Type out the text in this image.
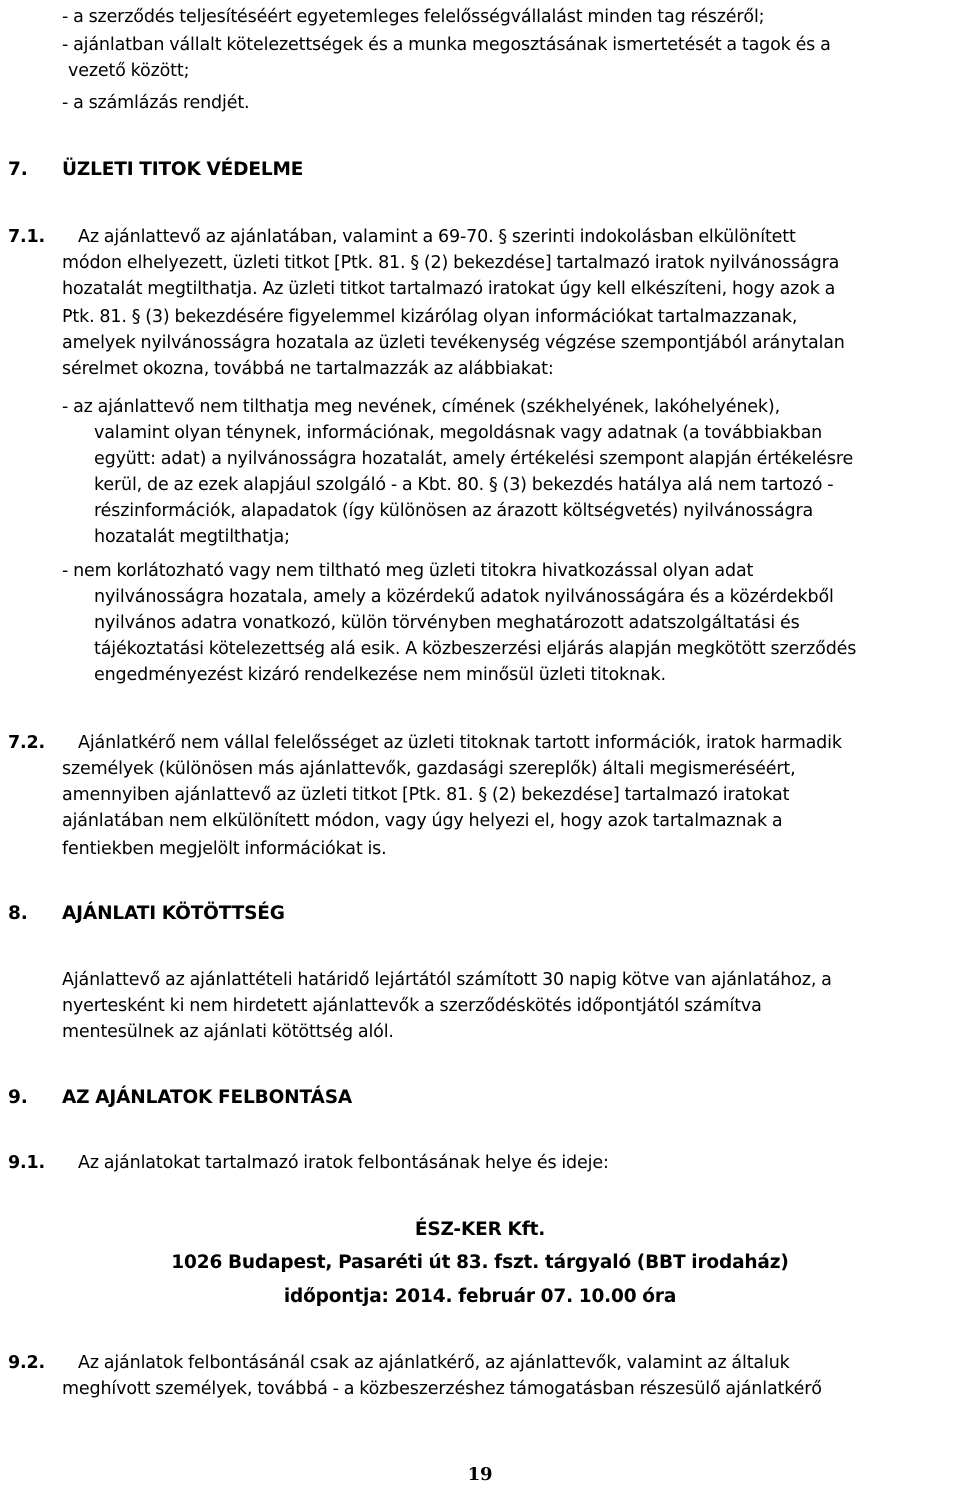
- a szerződés teljesítéséért egyetemleges felelősségvállalást minden tag részéről;
- ajánlatban vállalt kötelezettségek és a munka megosztásának ismertetését a tagok és a
vezető között;
- a számlázás rendjét.
7. ÜZLETI TITOK VÉDELME
7.1. Az ajánlattevő az ajánlatában, valamint a 69-70. § szerinti indokolásban elkülönített
módon elhelyezett, üzleti titkot [Ptk. 81. § (2) bekezdése] tartalmazó iratok nyilvánosságra
hozatalát megtilthatja. Az üzleti titkot tartalmazó iratokat úgy kell elkészíteni, hogy azok a
Ptk. 81. § (3) bekezdésére figyelemmel kizárólag olyan információkat tartalmazzanak,
amelyek nyilvánosságra hozatala az üzleti tevékenység végzése szempontjából aránytalan
sérelmet okozna, továbbá ne tartalmazzák az alábbiakat:
- az ajánlattevő nem tilthatja meg nevének, címének (székhelyének, lakóhelyének),
valamint olyan ténynek, információnak, megoldásnak vagy adatnak (a továbbiakban
együtt: adat) a nyilvánosságra hozatalát, amely értékelési szempont alapján értékelésre
kerül, de az ezek alapjául szolgáló - a Kbt. 80. § (3) bekezdés hatálya alá nem tartozó -
részinformációk, alapadatok (így különösen az árazott költségvetés) nyilvánosságra
hozatalát megtilthatja;
- nem korlátozható vagy nem tiltható meg üzleti titokra hivatkozással olyan adat
nyilvánosságra hozatala, amely a közérdekű adatok nyilvánosságára és a közérdekből
nyilvános adatra vonatkozó, külön törvényben meghatározott adatszolgáltatási és
tájékoztatási kötelezettség alá esik. A közbeszerzési eljárás alapján megkötött szerződés
engedményezést kizáró rendelkezése nem minősül üzleti titoknak.
7.2. Ajánlatkérő nem vállal felelősséget az üzleti titoknak tartott információk, iratok harmadik
személyek (különösen más ajánlattevők, gazdasági szereplők) általi megismeréséért,
amennyiben ajánlattevő az üzleti titkot [Ptk. 81. § (2) bekezdése] tartalmazó iratokat
ajánlatában nem elkülönített módon, vagy úgy helyezi el, hogy azok tartalmaznak a
fentiekben megjelölt információkat is.
8. AJÁNLATI KÖTÖTTSÉG
Ajánlattevő az ajánlattételi határidő lejártától számított 30 napig kötve van ajánlatához, a
nyertesként ki nem hirdetett ajánlattevők a szerződéskötés időpontjától számítva
mentesülnek az ajánlati kötöttség alól.
9. AZ AJÁNLATOK FELBONTÁSA
9.1. Az ajánlatokat tartalmazó iratok felbontásának helye és ideje:
ÉSZ-KER Kft.
1026 Budapest, Pasaréti út 83. fszt. tárgyaló (BBT irodaház)
időpontja: 2014. február 07. 10.00 óra
9.2. Az ajánlatok felbontásánál csak az ajánlatkérő, az ajánlattevők, valamint az általuk
meghívott személyek, továbbá - a közbeszerzéshez támogatásban részesülő ajánlatkérő
19
